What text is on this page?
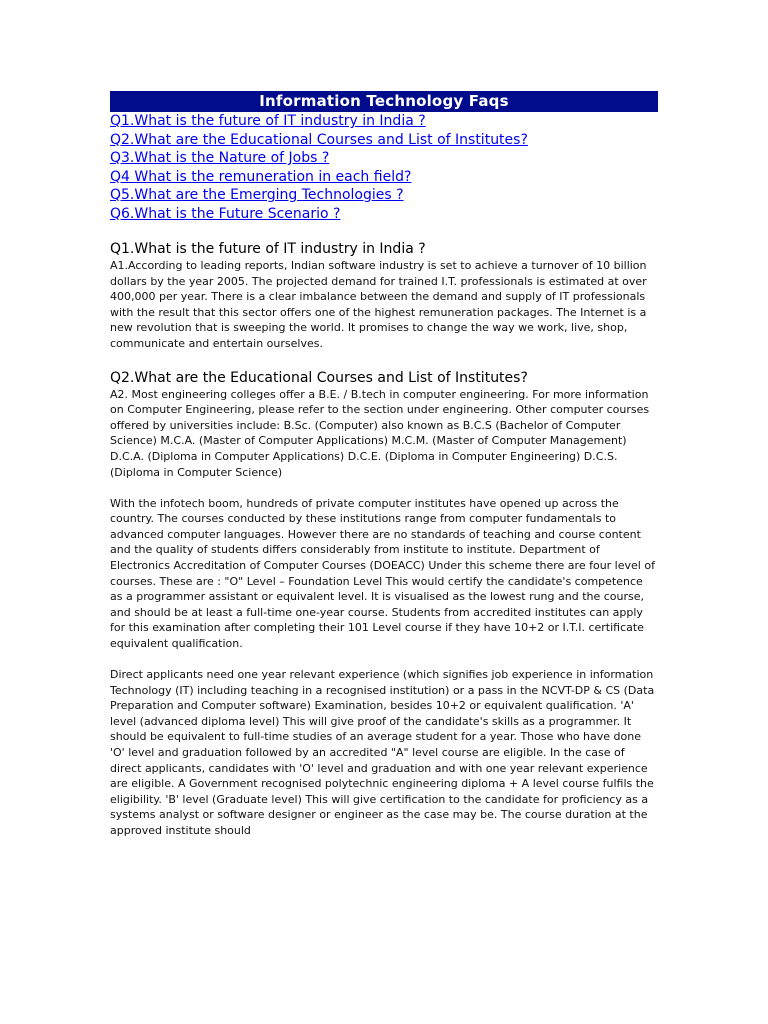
Information Technology Faqs
Q1.What is the future of IT industry in India ?
Q2.What are the Educational Courses and List of Institutes?
Q3.What is the Nature of Jobs ?
Q4 What is the remuneration in each field?
Q5.What are the Emerging Technologies ?
Q6.What is the Future Scenario ?
Q1.What is the future of IT industry in India ?

A1.According to leading reports, Indian software industry is set to achieve a turnover of 10 billion dollars by the year 2005. The projected demand for trained I.T. professionals is estimated at over 400,000 per year. There is a clear imbalance between the demand and supply of IT professionals with the result that this sector offers one of the highest remuneration packages. The Internet is a new revolution that is sweeping the world. It promises to change the way we work, live, shop, communicate and entertain ourselves.

Q2.What are the Educational Courses and List of Institutes?

A2. Most engineering colleges offer a B.E. / B.tech in computer engineering. For more information on Computer Engineering, please refer to the section under engineering. Other computer courses offered by universities include: B.Sc. (Computer) also known as B.C.S (Bachelor of Computer Science) M.C.A. (Master of Computer Applications) M.C.M. (Master of Computer Management) D.C.A. (Diploma in Computer Applications) D.C.E. (Diploma in Computer Engineering) D.C.S. (Diploma in Computer Science)

With the infotech boom, hundreds of private computer institutes have opened up across the country. The courses conducted by these institutions range from computer fundamentals to advanced computer languages. However there are no standards of teaching and course content and the quality of students differs considerably from institute to institute. Department of Electronics Accreditation of Computer Courses (DOEACC) Under this scheme there are four level of courses. These are : "O" Level – Foundation Level This would certify the candidate's competence as a programmer assistant or equivalent level. It is visualised as the lowest rung and the course, and should be at least a full-time one-year course. Students from accredited institutes can apply for this examination after completing their 101 Level course if they have 10+2 or I.T.I. certificate equivalent qualification.

Direct applicants need one year relevant experience (which signifies job experience in information Technology (IT) including teaching in a recognised institution) or a pass in the NCVT-DP & CS (Data Preparation and Computer software) Examination, besides 10+2 or equivalent qualification. 'A' level (advanced diploma level) This will give proof of the candidate's skills as a programmer. It should be equivalent to full-time studies of an average student for a year. Those who have done 'O' level and graduation followed by an accredited "A" level course are eligible. In the case of direct applicants, candidates with 'O' level and graduation and with one year relevant experience are eligible. A Government recognised polytechnic engineering diploma + A level course fulfils the eligibility. 'B' level (Graduate level) This will give certification to the candidate for proficiency as a systems analyst or software designer or engineer as the case may be. The course duration at the approved institute should
